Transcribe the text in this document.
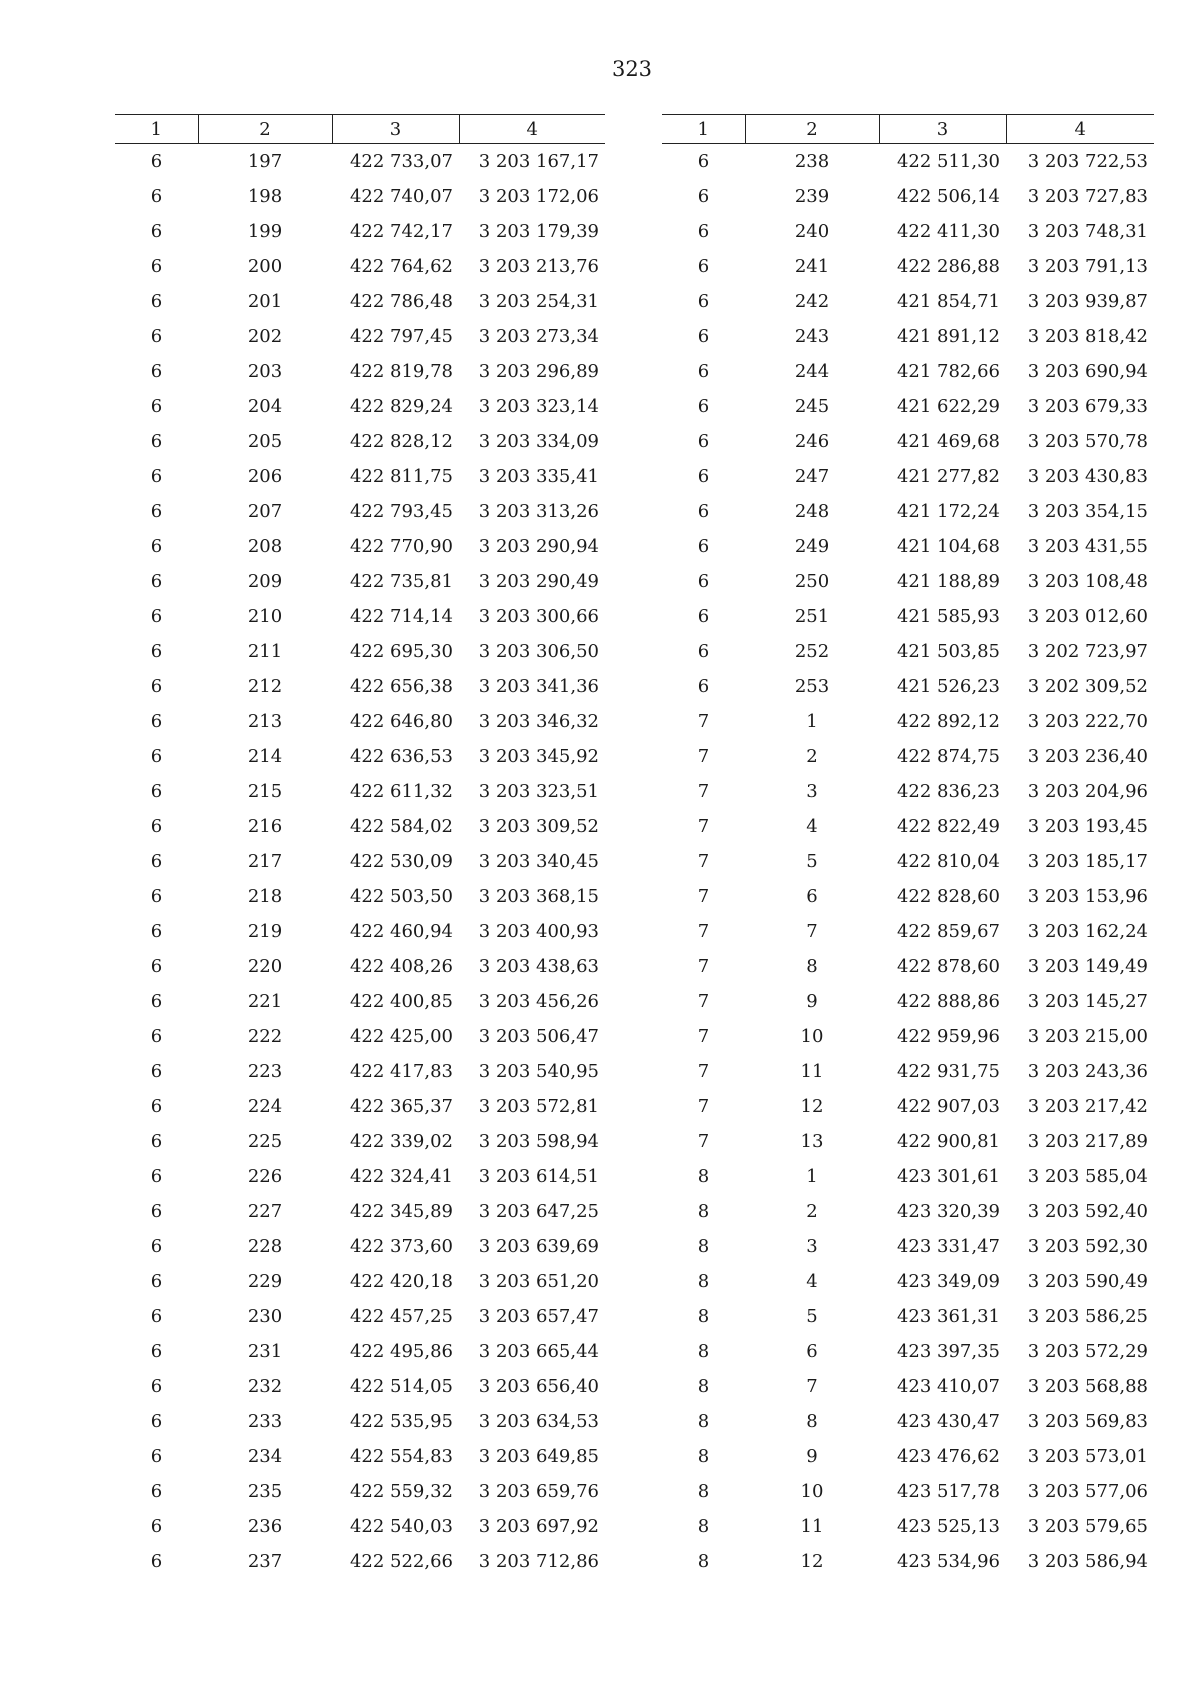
323
1	2	3	4
6	197	422 733,07	3 203 167,17
6	198	422 740,07	3 203 172,06
6	199	422 742,17	3 203 179,39
6	200	422 764,62	3 203 213,76
6	201	422 786,48	3 203 254,31
6	202	422 797,45	3 203 273,34
6	203	422 819,78	3 203 296,89
6	204	422 829,24	3 203 323,14
6	205	422 828,12	3 203 334,09
6	206	422 811,75	3 203 335,41
6	207	422 793,45	3 203 313,26
6	208	422 770,90	3 203 290,94
6	209	422 735,81	3 203 290,49
6	210	422 714,14	3 203 300,66
6	211	422 695,30	3 203 306,50
6	212	422 656,38	3 203 341,36
6	213	422 646,80	3 203 346,32
6	214	422 636,53	3 203 345,92
6	215	422 611,32	3 203 323,51
6	216	422 584,02	3 203 309,52
6	217	422 530,09	3 203 340,45
6	218	422 503,50	3 203 368,15
6	219	422 460,94	3 203 400,93
6	220	422 408,26	3 203 438,63
6	221	422 400,85	3 203 456,26
6	222	422 425,00	3 203 506,47
6	223	422 417,83	3 203 540,95
6	224	422 365,37	3 203 572,81
6	225	422 339,02	3 203 598,94
6	226	422 324,41	3 203 614,51
6	227	422 345,89	3 203 647,25
6	228	422 373,60	3 203 639,69
6	229	422 420,18	3 203 651,20
6	230	422 457,25	3 203 657,47
6	231	422 495,86	3 203 665,44
6	232	422 514,05	3 203 656,40
6	233	422 535,95	3 203 634,53
6	234	422 554,83	3 203 649,85
6	235	422 559,32	3 203 659,76
6	236	422 540,03	3 203 697,92
6	237	422 522,66	3 203 712,86
1	2	3	4
6	238	422 511,30	3 203 722,53
6	239	422 506,14	3 203 727,83
6	240	422 411,30	3 203 748,31
6	241	422 286,88	3 203 791,13
6	242	421 854,71	3 203 939,87
6	243	421 891,12	3 203 818,42
6	244	421 782,66	3 203 690,94
6	245	421 622,29	3 203 679,33
6	246	421 469,68	3 203 570,78
6	247	421 277,82	3 203 430,83
6	248	421 172,24	3 203 354,15
6	249	421 104,68	3 203 431,55
6	250	421 188,89	3 203 108,48
6	251	421 585,93	3 203 012,60
6	252	421 503,85	3 202 723,97
6	253	421 526,23	3 202 309,52
7	1	422 892,12	3 203 222,70
7	2	422 874,75	3 203 236,40
7	3	422 836,23	3 203 204,96
7	4	422 822,49	3 203 193,45
7	5	422 810,04	3 203 185,17
7	6	422 828,60	3 203 153,96
7	7	422 859,67	3 203 162,24
7	8	422 878,60	3 203 149,49
7	9	422 888,86	3 203 145,27
7	10	422 959,96	3 203 215,00
7	11	422 931,75	3 203 243,36
7	12	422 907,03	3 203 217,42
7	13	422 900,81	3 203 217,89
8	1	423 301,61	3 203 585,04
8	2	423 320,39	3 203 592,40
8	3	423 331,47	3 203 592,30
8	4	423 349,09	3 203 590,49
8	5	423 361,31	3 203 586,25
8	6	423 397,35	3 203 572,29
8	7	423 410,07	3 203 568,88
8	8	423 430,47	3 203 569,83
8	9	423 476,62	3 203 573,01
8	10	423 517,78	3 203 577,06
8	11	423 525,13	3 203 579,65
8	12	423 534,96	3 203 586,94
